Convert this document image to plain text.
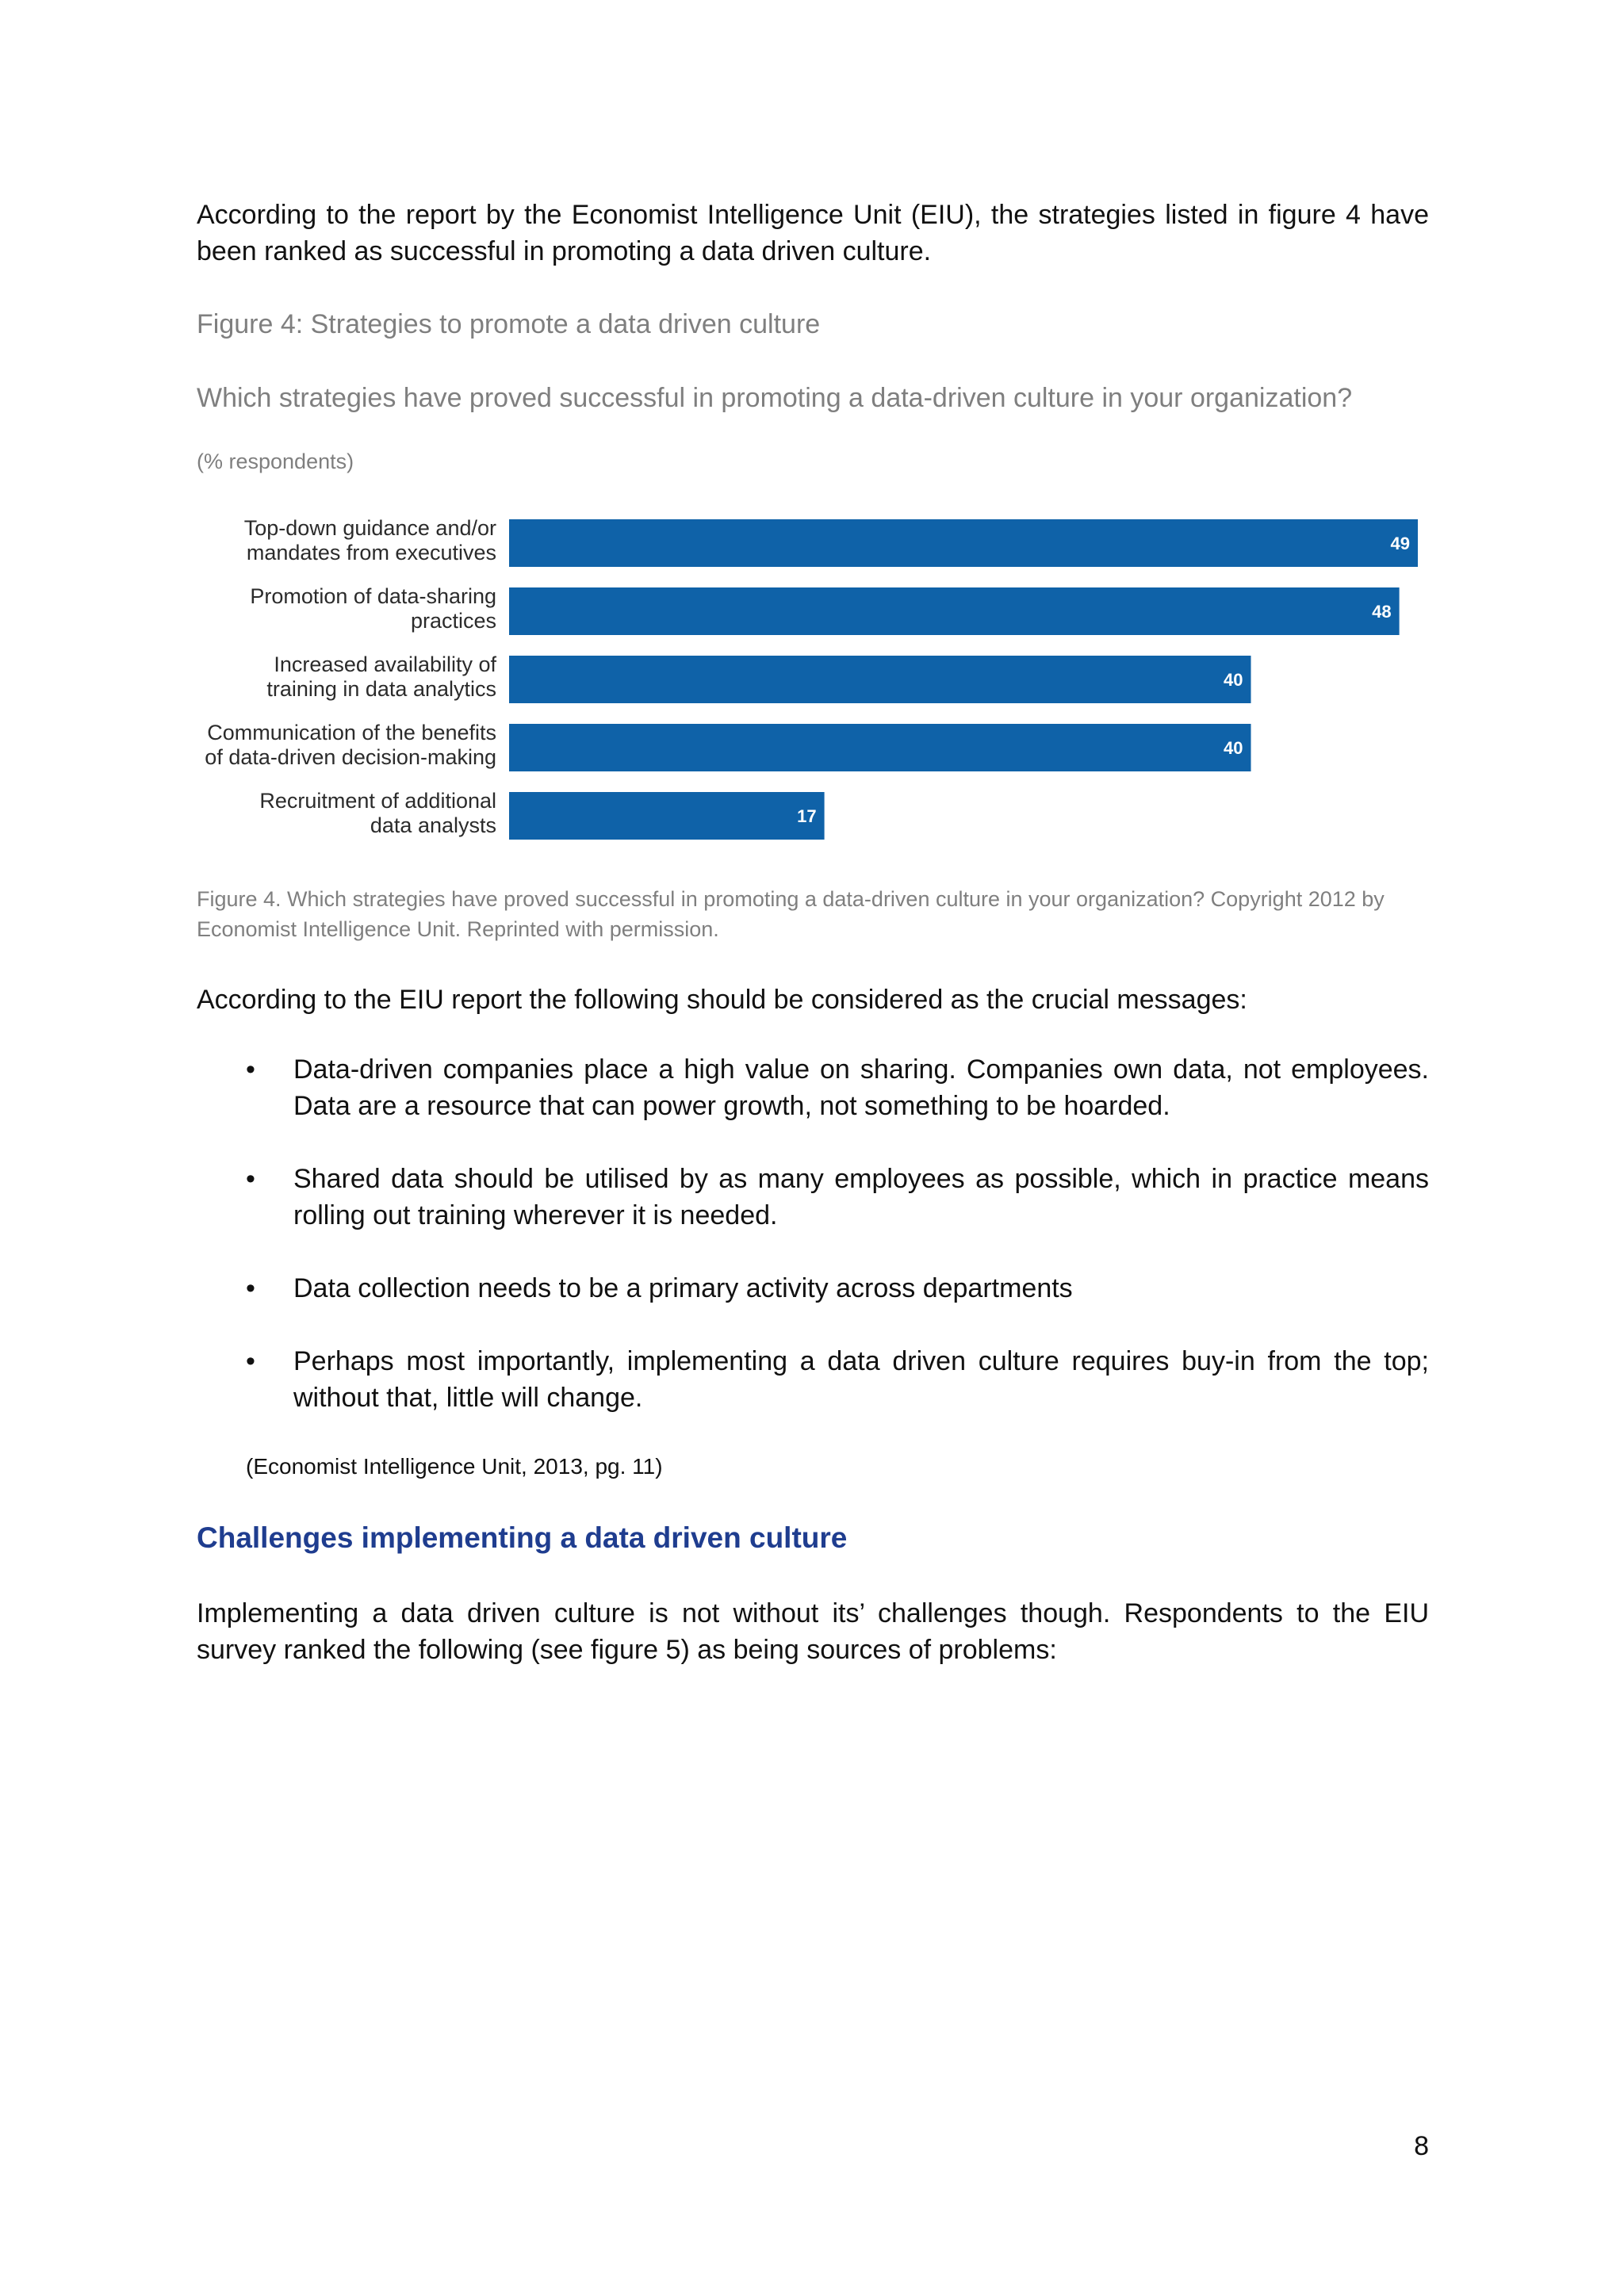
According to the report by the Economist Intelligence Unit (EIU), the strategies listed in figure 4 have been ranked as successful in promoting a data driven culture.

Figure 4: Strategies to promote a data driven culture

Which strategies have proved successful in promoting a data-driven culture in your organization?

(% respondents)

49
Top-down guidance and/or
mandates from executives
48
Promotion of data-sharing
practices
40
Increased availability of
training in data analytics
40
Communication of the benefits
of data-driven decision-making
17
Recruitment of additional
data analysts

Figure 4. Which strategies have proved successful in promoting a data-driven culture in your organization? Copyright 2012 by Economist Intelligence Unit. Reprinted with permission.

According to the EIU report the following should be considered as the crucial messages:

• Data-driven companies place a high value on sharing. Companies own data, not employees. Data are a resource that can power growth, not something to be hoarded.
• Shared data should be utilised by as many employees as possible, which in practice means rolling out training wherever it is needed.
• Data collection needs to be a primary activity across departments
• Perhaps most importantly, implementing a data driven culture requires buy-in from the top; without that, little will change.

(Economist Intelligence Unit, 2013, pg. 11)

Challenges implementing a data driven culture

Implementing a data driven culture is not without its’ challenges though. Respondents to the EIU survey ranked the following (see figure 5) as being sources of problems:

8
